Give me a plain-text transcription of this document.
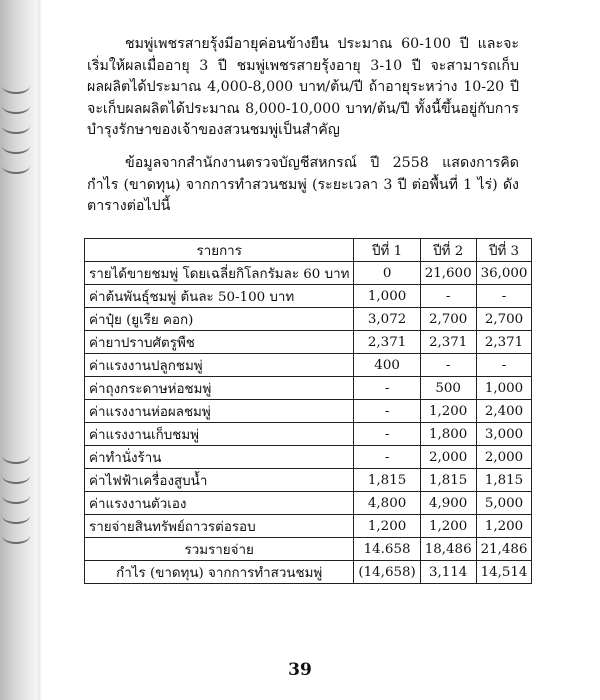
ชมพู่เพชรสายรุ้งมีอายุค่อนข้างยืน ประมาณ 60-100 ปี และจะเริ่มให้ผลเมื่ออายุ 3 ปี ชมพู่เพชรสายรุ้งอายุ 3-10 ปี จะสามารถเก็บผลผลิตได้ประมาณ 4,000-8,000 บาท/ต้น/ปี ถ้าอายุระหว่าง 10-20 ปี จะเก็บผลผลิตได้ประมาณ 8,000-10,000 บาท/ต้น/ปี ทั้งนี้ขึ้นอยู่กับการบำรุงรักษาของเจ้าของสวนชมพู่เป็นสำคัญ
ข้อมูลจากสำนักงานตรวจบัญชีสหกรณ์ ปี 2558 แสดงการคิดกำไร (ขาดทุน) จากการทำสวนชมพู่ (ระยะเวลา 3 ปี ต่อพื้นที่ 1 ไร่) ดังตารางต่อไปนี้
รายการ	ปีที่ 1	ปีที่ 2	ปีที่ 3
รายได้ขายชมพู่ โดยเฉลี่ยกิโลกรัมละ 60 บาท	0	21,600	36,000
ค่าต้นพันธุ์ชมพู่ ต้นละ 50-100 บาท	1,000	-	-
ค่าปุ๋ย (ยูเรีย คอก)	3,072	2,700	2,700
ค่ายาปราบศัตรูพืช	2,371	2,371	2,371
ค่าแรงงานปลูกชมพู่	400	-	-
ค่าถุงกระดาษห่อชมพู่	-	500	1,000
ค่าแรงงานห่อผลชมพู่	-	1,200	2,400
ค่าแรงงานเก็บชมพู่	-	1,800	3,000
ค่าทำนั่งร้าน	-	2,000	2,000
ค่าไฟฟ้าเครื่องสูบน้ำ	1,815	1,815	1,815
ค่าแรงงานตัวเอง	4,800	4,900	5,000
รายจ่ายสินทรัพย์ถาวรต่อรอบ	1,200	1,200	1,200
รวมรายจ่าย	14.658	18,486	21,486
กำไร (ขาดทุน) จากการทำสวนชมพู่	(14,658)	3,114	14,514
39
